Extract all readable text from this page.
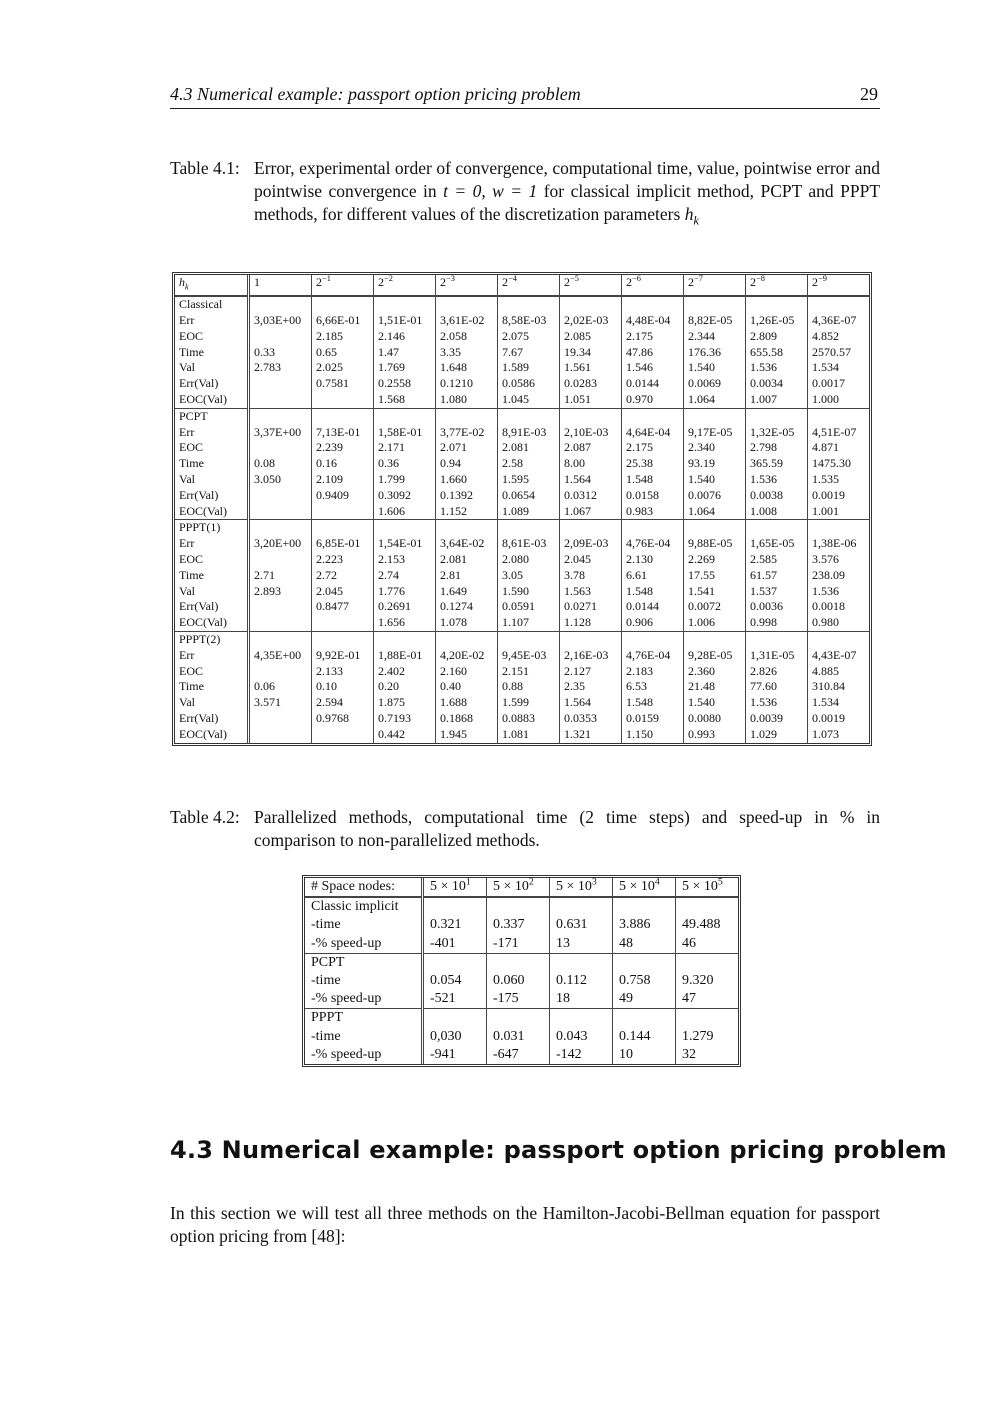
4.3 Numerical example: passport option pricing problem	29
Table 4.1: Error, experimental order of convergence, computational time, value, pointwise error and pointwise convergence in t = 0, w = 1 for classical implicit method, PCPT and PPPT methods, for different values of the discretization parameters $h_k$
$h_k$	1	$2^{-1}$	$2^{-2}$	$2^{-3}$	$2^{-4}$	$2^{-5}$	$2^{-6}$	$2^{-7}$	$2^{-8}$	$2^{-9}$
Classical										
Err	3,03E+00	6,66E-01	1,51E-01	3,61E-02	8,58E-03	2,02E-03	4,48E-04	8,82E-05	1,26E-05	4,36E-07
EOC		2.185	2.146	2.058	2.075	2.085	2.175	2.344	2.809	4.852
Time	0.33	0.65	1.47	3.35	7.67	19.34	47.86	176.36	655.58	2570.57
Val	2.783	2.025	1.769	1.648	1.589	1.561	1.546	1.540	1.536	1.534
Err(Val)		0.7581	0.2558	0.1210	0.0586	0.0283	0.0144	0.0069	0.0034	0.0017
EOC(Val)			1.568	1.080	1.045	1.051	0.970	1.064	1.007	1.000
PCPT										
Err	3,37E+00	7,13E-01	1,58E-01	3,77E-02	8,91E-03	2,10E-03	4,64E-04	9,17E-05	1,32E-05	4,51E-07
EOC		2.239	2.171	2.071	2.081	2.087	2.175	2.340	2.798	4.871
Time	0.08	0.16	0.36	0.94	2.58	8.00	25.38	93.19	365.59	1475.30
Val	3.050	2.109	1.799	1.660	1.595	1.564	1.548	1.540	1.536	1.535
Err(Val)		0.9409	0.3092	0.1392	0.0654	0.0312	0.0158	0.0076	0.0038	0.0019
EOC(Val)			1.606	1.152	1.089	1.067	0.983	1.064	1.008	1.001
PPPT(1)										
Err	3,20E+00	6,85E-01	1,54E-01	3,64E-02	8,61E-03	2,09E-03	4,76E-04	9,88E-05	1,65E-05	1,38E-06
EOC		2.223	2.153	2.081	2.080	2.045	2.130	2.269	2.585	3.576
Time	2.71	2.72	2.74	2.81	3.05	3.78	6.61	17.55	61.57	238.09
Val	2.893	2.045	1.776	1.649	1.590	1.563	1.548	1.541	1.537	1.536
Err(Val)		0.8477	0.2691	0.1274	0.0591	0.0271	0.0144	0.0072	0.0036	0.0018
EOC(Val)			1.656	1.078	1.107	1.128	0.906	1.006	0.998	0.980
PPPT(2)										
Err	4,35E+00	9,92E-01	1,88E-01	4,20E-02	9,45E-03	2,16E-03	4,76E-04	9,28E-05	1,31E-05	4,43E-07
EOC		2.133	2.402	2.160	2.151	2.127	2.183	2.360	2.826	4.885
Time	0.06	0.10	0.20	0.40	0.88	2.35	6.53	21.48	77.60	310.84
Val	3.571	2.594	1.875	1.688	1.599	1.564	1.548	1.540	1.536	1.534
Err(Val)		0.9768	0.7193	0.1868	0.0883	0.0353	0.0159	0.0080	0.0039	0.0019
EOC(Val)			0.442	1.945	1.081	1.321	1.150	0.993	1.029	1.073
Table 4.2: Parallelized methods, computational time (2 time steps) and speed-up in % in comparison to non-parallelized methods.
# Space nodes:	$5 \times 10^1$	$5 \times 10^2$	$5 \times 10^3$	$5 \times 10^4$	$5 \times 10^5$
Classic implicit					
-time	0.321	0.337	0.631	3.886	49.488
-% speed-up	-401	-171	13	48	46
PCPT					
-time	0.054	0.060	0.112	0.758	9.320
-% speed-up	-521	-175	18	49	47
PPPT					
-time	0,030	0.031	0.043	0.144	1.279
-% speed-up	-941	-647	-142	10	32
4.3 Numerical example: passport option pricing problem
In this section we will test all three methods on the Hamilton-Jacobi-Bellman equation for passport option pricing from [48]:
